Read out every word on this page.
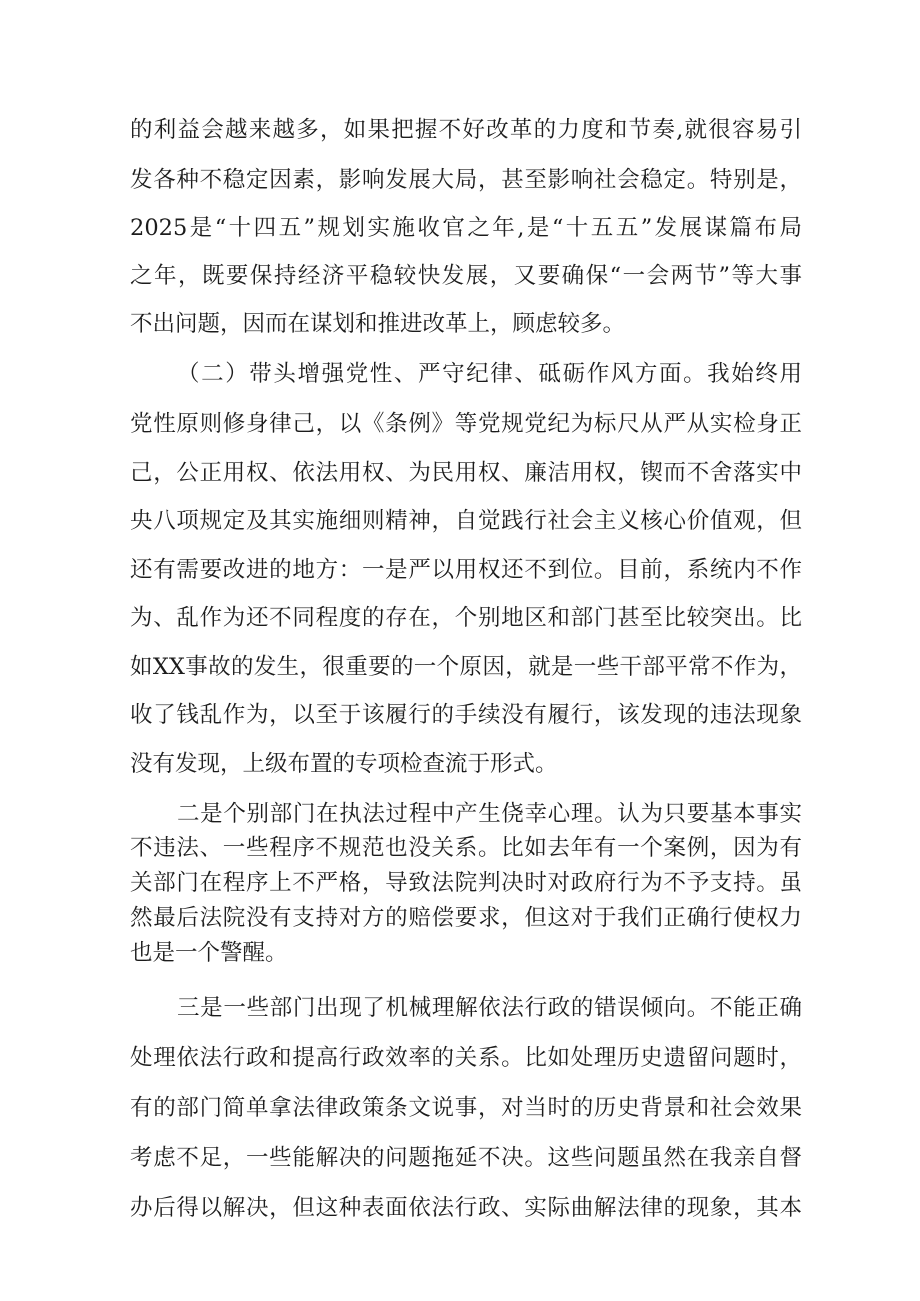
的利益会越来越多，如果把握不好改革的力度和节奏,就很容易引
发各种不稳定因素，影响发展大局，甚至影响社会稳定。特别是，
2025是“十四五”规划实施收官之年,是“十五五”发展谋篇布局
之年，既要保持经济平稳较快发展，又要确保“一会两节”等大事
不出问题，因而在谋划和推进改革上，顾虑较多。
（二）带头增强党性、严守纪律、砥砺作风方面。我始终用
党性原则修身律己，以《条例》等党规党纪为标尺从严从实检身正
己，公正用权、依法用权、为民用权、廉洁用权，锲而不舍落实中
央八项规定及其实施细则精神，自觉践行社会主义核心价值观，但
还有需要改进的地方：一是严以用权还不到位。目前，系统内不作
为、乱作为还不同程度的存在，个别地区和部门甚至比较突出。比
如XX事故的发生，很重要的一个原因，就是一些干部平常不作为，
收了钱乱作为，以至于该履行的手续没有履行，该发现的违法现象
没有发现，上级布置的专项检查流于形式。
二是个别部门在执法过程中产生侥幸心理。认为只要基本事实
不违法、一些程序不规范也没关系。比如去年有一个案例，因为有
关部门在程序上不严格，导致法院判决时对政府行为不予支持。虽
然最后法院没有支持对方的赔偿要求，但这对于我们正确行使权力
也是一个警醒。
三是一些部门出现了机械理解依法行政的错误倾向。不能正确
处理依法行政和提高行政效率的关系。比如处理历史遗留问题时，
有的部门简单拿法律政策条文说事，对当时的历史背景和社会效果
考虑不足，一些能解决的问题拖延不决。这些问题虽然在我亲自督
办后得以解决，但这种表面依法行政、实际曲解法律的现象，其本
